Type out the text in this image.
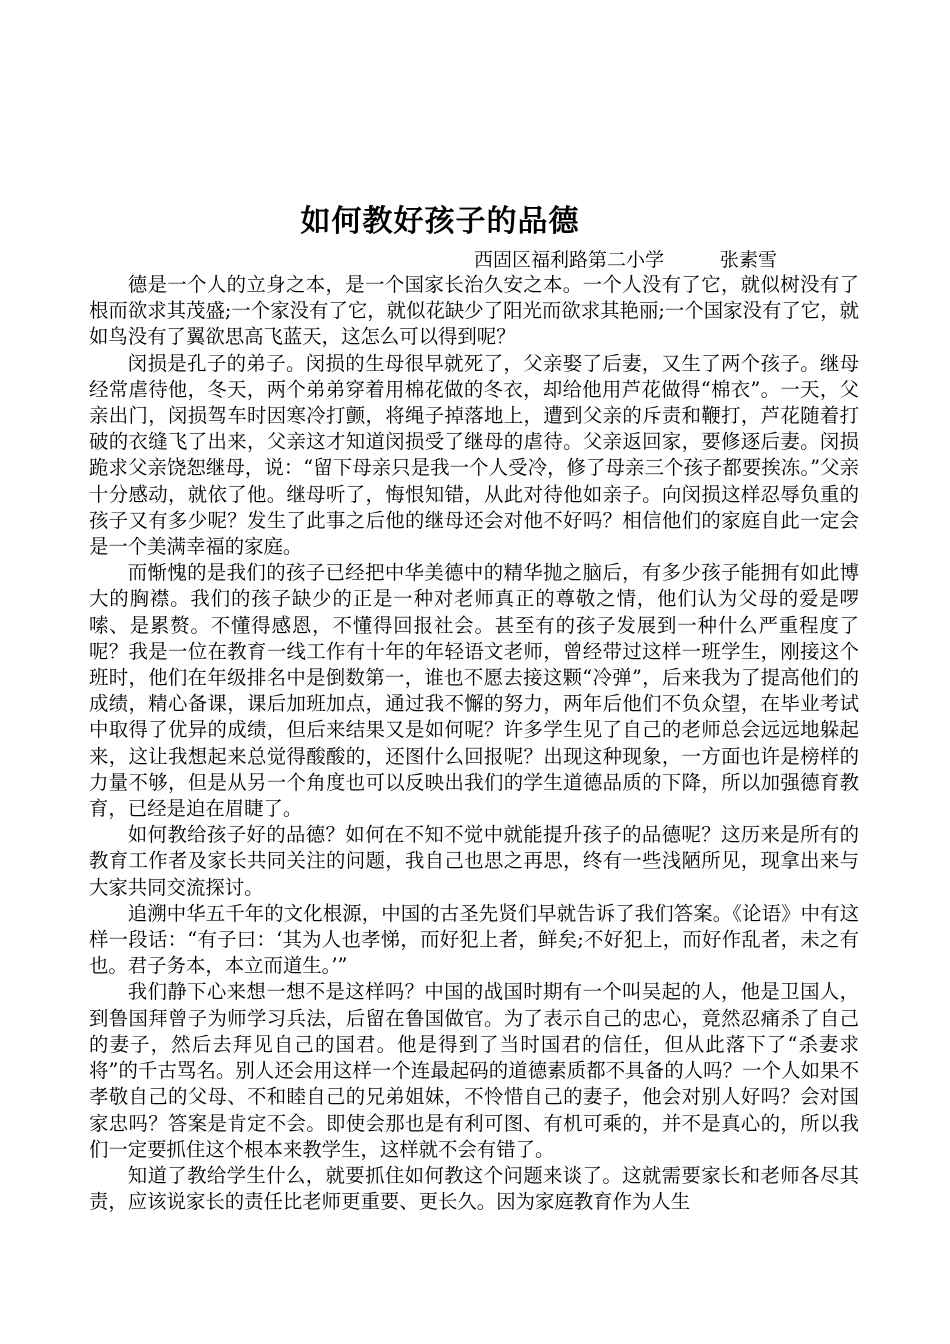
如何教好孩子的品德
西固区福利路第二小学	张素雪

德是一个人的立身之本，是一个国家长治久安之本。一个人没有了它，就似树没有了根而欲求其茂盛;一个家没有了它，就似花缺少了阳光而欲求其艳丽;一个国家没有了它，就如鸟没有了翼欲思高飞蓝天，这怎么可以得到呢？

闵损是孔子的弟子。闵损的生母很早就死了，父亲娶了后妻，又生了两个孩子。继母经常虐待他，冬天，两个弟弟穿着用棉花做的冬衣，却给他用芦花做得“棉衣”。一天，父亲出门，闵损驾车时因寒冷打颤，将绳子掉落地上，遭到父亲的斥责和鞭打，芦花随着打破的衣缝飞了出来，父亲这才知道闵损受了继母的虐待。父亲返回家，要修逐后妻。闵损跪求父亲饶恕继母，说：“留下母亲只是我一个人受冷，修了母亲三个孩子都要挨冻。”父亲十分感动，就依了他。继母听了，悔恨知错，从此对待他如亲子。向闵损这样忍辱负重的孩子又有多少呢？发生了此事之后他的继母还会对他不好吗？相信他们的家庭自此一定会是一个美满幸福的家庭。

而惭愧的是我们的孩子已经把中华美德中的精华抛之脑后，有多少孩子能拥有如此博大的胸襟。我们的孩子缺少的正是一种对老师真正的尊敬之情，他们认为父母的爱是啰嗦、是累赘。不懂得感恩，不懂得回报社会。甚至有的孩子发展到一种什么严重程度了呢？我是一位在教育一线工作有十年的年轻语文老师，曾经带过这样一班学生，刚接这个班时，他们在年级排名中是倒数第一，谁也不愿去接这颗“冷弹”，后来我为了提高他们的成绩，精心备课，课后加班加点，通过我不懈的努力，两年后他们不负众望，在毕业考试中取得了优异的成绩，但后来结果又是如何呢？许多学生见了自己的老师总会远远地躲起来，这让我想起来总觉得酸酸的，还图什么回报呢？出现这种现象，一方面也许是榜样的力量不够，但是从另一个角度也可以反映出我们的学生道德品质的下降，所以加强德育教育，已经是迫在眉睫了。

如何教给孩子好的品德？如何在不知不觉中就能提升孩子的品德呢？这历来是所有的教育工作者及家长共同关注的问题，我自己也思之再思，终有一些浅陋所见，现拿出来与大家共同交流探讨。

追溯中华五千年的文化根源，中国的古圣先贤们早就告诉了我们答案。《论语》中有这样一段话：“有子曰：‘其为人也孝悌，而好犯上者，鲜矣;不好犯上，而好作乱者，未之有也。君子务本，本立而道生。’”

我们静下心来想一想不是这样吗？中国的战国时期有一个叫吴起的人，他是卫国人，到鲁国拜曾子为师学习兵法，后留在鲁国做官。为了表示自己的忠心，竟然忍痛杀了自己的妻子，然后去拜见自己的国君。他是得到了当时国君的信任，但从此落下了“杀妻求将”的千古骂名。别人还会用这样一个连最起码的道德素质都不具备的人吗？一个人如果不孝敬自己的父母、不和睦自己的兄弟姐妹，不怜惜自己的妻子，他会对别人好吗？会对国家忠吗？答案是肯定不会。即使会那也是有利可图、有机可乘的，并不是真心的，所以我们一定要抓住这个根本来教学生，这样就不会有错了。

知道了教给学生什么，就要抓住如何教这个问题来谈了。这就需要家长和老师各尽其责，应该说家长的责任比老师更重要、更长久。因为家庭教育作为人生
